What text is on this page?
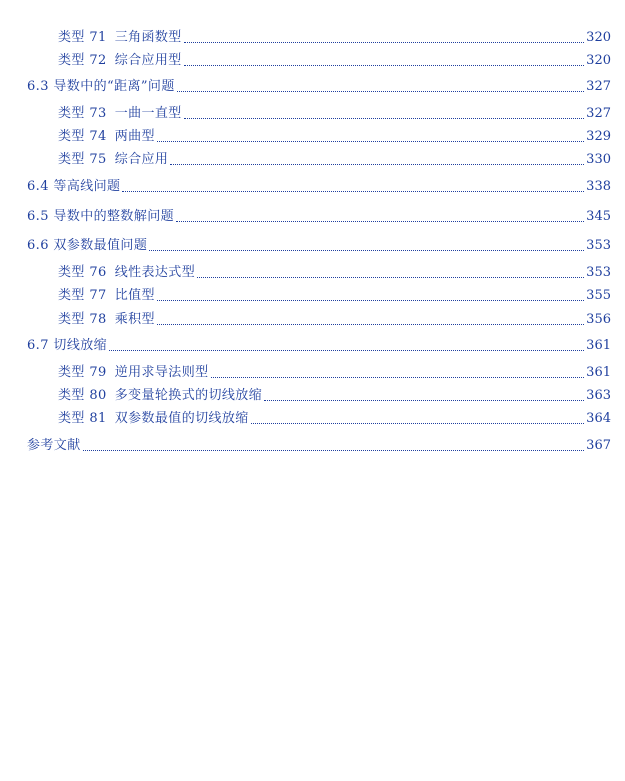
类型 71 三角函数型	320
类型 72 综合应用型	320
6.3 导数中的“距离”问题	327
类型 73 一曲一直型	327
类型 74 两曲型	329
类型 75 综合应用	330
6.4 等高线问题	338
6.5 导数中的整数解问题	345
6.6 双参数最值问题	353
类型 76 线性表达式型	353
类型 77 比值型	355
类型 78 乘积型	356
6.7 切线放缩	361
类型 79 逆用求导法则型	361
类型 80 多变量轮换式的切线放缩	363
类型 81 双参数最值的切线放缩	364
参考文献	367
